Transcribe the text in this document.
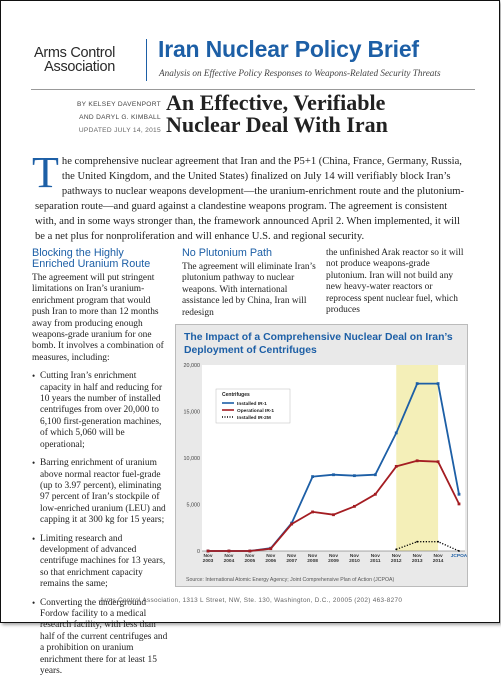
Arms Control
Association
Iran Nuclear Policy Brief
Analysis on Effective Policy Responses to Weapons-Related Security Threats
BY KELSEY DAVENPORT
AND DARYL G. KIMBALL
UPDATED JULY 14, 2015
An Effective, Verifiable
Nuclear Deal With Iran
The comprehensive nuclear agreement that Iran and the P5+1 (China, France, Germany, Russia, the United Kingdom, and the United States) finalized on July 14 will verifiably block Iran’s pathways to nuclear weapons development—the uranium-enrichment route and the plutonium-separation route—and guard against a clandestine weapons program. The agreement is consistent with, and in some ways stronger than, the framework announced April 2. When implemented, it will be a net plus for nonproliferation and will enhance U.S. and regional security.
Blocking the Highly Enriched Uranium Route

The agreement will put stringent limitations on Iran’s uranium-enrichment program that would push Iran to more than 12 months away from producing enough weapons-grade uranium for one bomb. It involves a combination of measures, including:

• Cutting Iran’s enrichment capacity in half and reducing for 10 years the number of installed centrifuges from over 20,000 to 6,100 first-generation machines, of which 5,060 will be operational;
• Barring enrichment of uranium above normal reactor fuel-grade (up to 3.97 percent), eliminating 97 percent of Iran’s stockpile of low-enriched uranium (LEU) and capping it at 300 kg for 15 years;
• Limiting research and development of advanced centrifuge machines for 13 years, so that enrichment capacity remains the same;
• Converting the underground Fordow facility to a medical research facility, with less than half of the current centrifuges and a prohibition on uranium enrichment there for at least 15 years.
No Plutonium Path

The agreement will eliminate Iran’s plutonium pathway to nuclear weapons. With international assistance led by China, Iran will redesign

the unfinished Arak reactor so it will not produce weapons-grade plutonium. Iran will not build any new heavy-water reactors or reprocess spent nuclear fuel, which produces

The Impact of a Comprehensive Nuclear Deal on Iran’s Deployment of Centrifuges
0
5,000
10,000
15,000
20,000
Nov 2003
Nov 2004
Nov 2005
Nov 2006
Nov 2007
Nov 2008
Nov 2009
Nov 2010
Nov 2011
Nov 2012
Nov 2013
Nov 2014
JCPOA
Centrifuges
Installed IR-1
Operational IR-1
Installed IR-2M
Source: International Atomic Energy Agency; Joint Comprehensive Plan of Action (JCPOA)
Arms Control Association, 1313 L Street, NW, Ste. 130, Washington, D.C., 20005 (202) 463-8270
